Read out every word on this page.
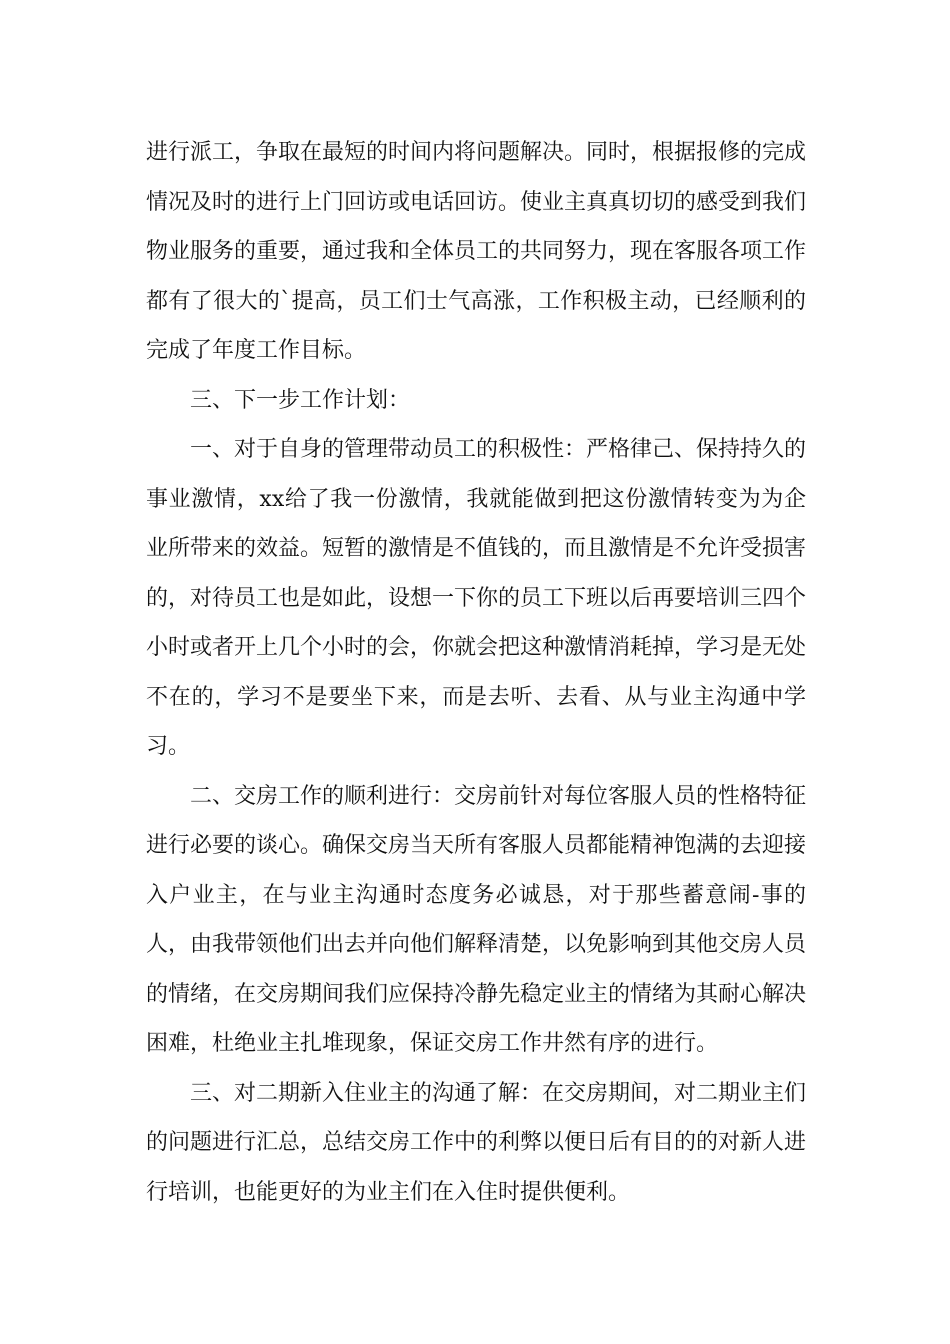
进行派工，争取在最短的时间内将问题解决。同时，根据报修的完成情况及时的进行上门回访或电话回访。使业主真真切切的感受到我们物业服务的重要，通过我和全体员工的共同努力，现在客服各项工作都有了很大的`提高，员工们士气高涨，工作积极主动，已经顺利的完成了年度工作目标。

三、下一步工作计划：

一、对于自身的管理带动员工的积极性：严格律己、保持持久的事业激情，xx给了我一份激情，我就能做到把这份激情转变为为企业所带来的效益。短暂的激情是不值钱的，而且激情是不允许受损害的，对待员工也是如此，设想一下你的员工下班以后再要培训三四个小时或者开上几个小时的会，你就会把这种激情消耗掉，学习是无处不在的，学习不是要坐下来，而是去听、去看、从与业主沟通中学习。

二、交房工作的顺利进行：交房前针对每位客服人员的性格特征进行必要的谈心。确保交房当天所有客服人员都能精神饱满的去迎接入户业主，在与业主沟通时态度务必诚恳，对于那些蓄意闹-事的人，由我带领他们出去并向他们解释清楚，以免影响到其他交房人员的情绪，在交房期间我们应保持冷静先稳定业主的情绪为其耐心解决困难，杜绝业主扎堆现象，保证交房工作井然有序的进行。

三、对二期新入住业主的沟通了解：在交房期间，对二期业主们的问题进行汇总，总结交房工作中的利弊以便日后有目的的对新人进行培训，也能更好的为业主们在入住时提供便利。
